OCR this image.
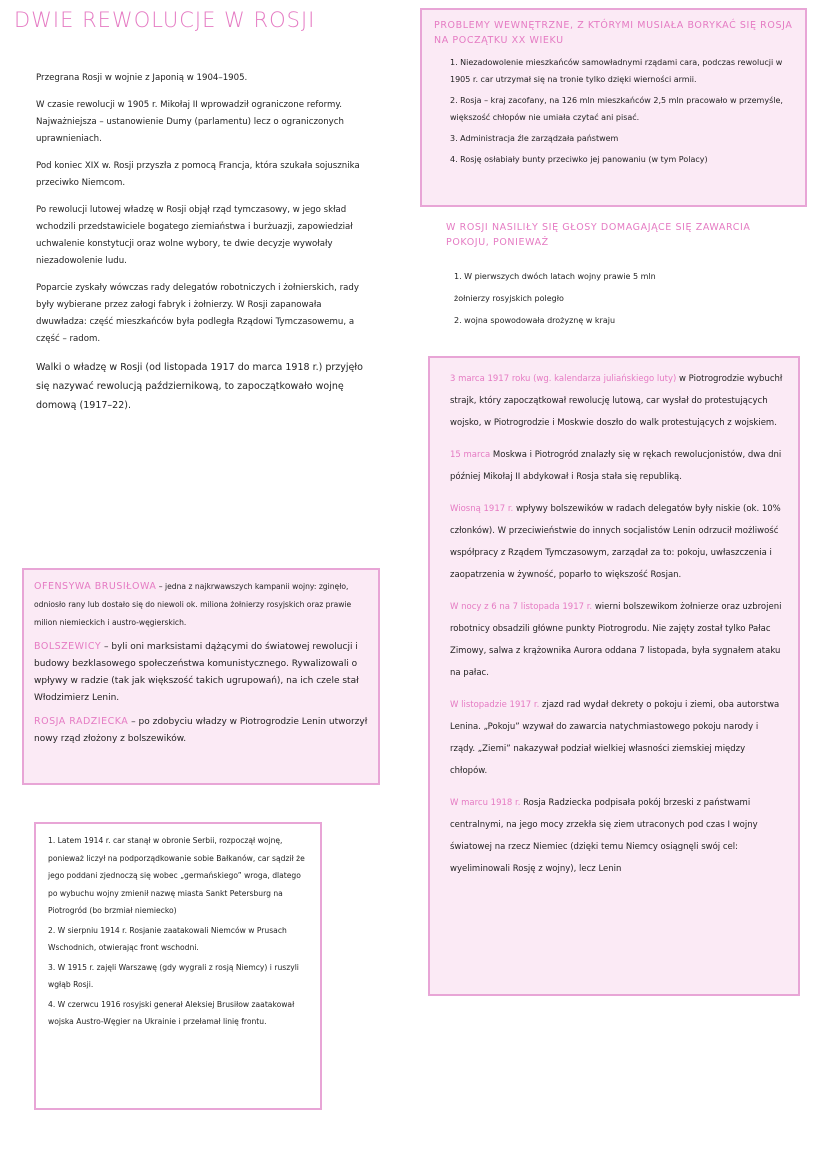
DWIE REWOLUCJE W ROSJI

Przegrana Rosji w wojnie z Japonią w 1904–1905.

W czasie rewolucji w 1905 r. Mikołaj II wprowadził ograniczone reformy. Najważniejsza – ustanowienie Dumy (parlamentu) lecz o ograniczonych uprawnieniach.

Pod koniec XIX w. Rosji przyszła z pomocą Francja, która szukała sojusznika przeciwko Niemcom.

Po rewolucji lutowej władzę w Rosji objął rząd tymczasowy, w jego skład wchodzili przedstawiciele bogatego ziemiaństwa i burżuazji, zapowiedział uchwalenie konstytucji oraz wolne wybory, te dwie decyzje wywołały niezadowolenie ludu.

Poparcie zyskały wówczas rady delegatów robotniczych i żołnierskich, rady były wybierane przez załogi fabryk i żołnierzy. W Rosji zapanowała dwuwładza: część mieszkańców była podległa Rządowi Tymczasowemu, a część – radom.

Walki o władzę w Rosji (od listopada 1917 do marca 1918 r.) przyjęło się nazywać rewolucją październikową, to zapoczątkowało wojnę domową (1917–22).

OFENSYWA BRUSIŁOWA – jedna z najkrwawszych kampanii wojny: zginęło, odniosło rany lub dostało się do niewoli ok. miliona żołnierzy rosyjskich oraz prawie milion niemieckich i austro-węgierskich.

BOLSZEWICY – byli oni marksistami dążącymi do światowej rewolucji i budowy bezklasowego społeczeństwa komunistycznego. Rywalizowali o wpływy w radzie (tak jak większość takich ugrupowań), na ich czele stał Włodzimierz Lenin.

ROSJA RADZIECKA – po zdobyciu władzy w Piotrogrodzie Lenin utworzył nowy rząd złożony z bolszewików.

1. Latem 1914 r. car stanął w obronie Serbii, rozpoczął wojnę, ponieważ liczył na podporządkowanie sobie Bałkanów, car sądził że jego poddani zjednoczą się wobec „germańskiego” wroga, dlatego po wybuchu wojny zmienił nazwę miasta Sankt Petersburg na Piotrogród (bo brzmiał niemiecko)

2. W sierpniu 1914 r. Rosjanie zaatakowali Niemców w Prusach Wschodnich, otwierając front wschodni.

3. W 1915 r. zajęli Warszawę (gdy wygrali z rosją Niemcy) i ruszyli wgłąb Rosji.

4. W czerwcu 1916 rosyjski generał Aleksiej Brusiłow zaatakował wojska Austro-Węgier na Ukrainie i przełamał linię frontu.

PROBLEMY WEWNĘTRZNE, Z KTÓRYMI MUSIAŁA BORYKAĆ SIĘ ROSJA NA POCZĄTKU XX WIEKU

1. Niezadowolenie mieszkańców samowładnymi rządami cara, podczas rewolucji w 1905 r. car utrzymał się na tronie tylko dzięki wierności armii.

2. Rosja – kraj zacofany, na 126 mln mieszkańców 2,5 mln pracowało w przemyśle, większość chłopów nie umiała czytać ani pisać.

3. Administracja źle zarządzała państwem

4. Rosję osłabiały bunty przeciwko jej panowaniu (w tym Polacy)

W ROSJI NASILIŁY SIĘ GŁOSY DOMAGAJĄCE SIĘ ZAWARCIA POKOJU, PONIEWAŻ

1. W pierwszych dwóch latach wojny prawie 5 mln żołnierzy rosyjskich poległo

2. wojna spowodowała drożyznę w kraju

3 marca 1917 roku (wg. kalendarza juliańskiego luty) w Piotrogrodzie wybuchł strajk, który zapoczątkował rewolucję lutową, car wysłał do protestujących wojsko, w Piotrogrodzie i Moskwie doszło do walk protestujących z wojskiem.

15 marca Moskwa i Piotrogród znalazły się w rękach rewolucjonistów, dwa dni później Mikołaj II abdykował i Rosja stała się republiką.

Wiosną 1917 r. wpływy bolszewików w radach delegatów były niskie (ok. 10% członków). W przeciwieństwie do innych socjalistów Lenin odrzucił możliwość współpracy z Rządem Tymczasowym, zarządał za to: pokoju, uwłaszczenia i zaopatrzenia w żywność, poparło to większość Rosjan.

W nocy z 6 na 7 listopada 1917 r. wierni bolszewikom żołnierze oraz uzbrojeni robotnicy obsadzili główne punkty Piotrogrodu. Nie zajęty został tylko Pałac Zimowy, salwa z krążownika Aurora oddana 7 listopada, była sygnałem ataku na pałac.

W listopadzie 1917 r. zjazd rad wydał dekrety o pokoju i ziemi, oba autorstwa Lenina. „Pokoju” wzywał do zawarcia natychmiastowego pokoju narody i rządy. „Ziemi” nakazywał podział wielkiej własności ziemskiej między chłopów.

W marcu 1918 r. Rosja Radziecka podpisała pokój brzeski z państwami centralnymi, na jego mocy zrzekła się ziem utraconych pod czas I wojny światowej na rzecz Niemiec (dzięki temu Niemcy osiągnęli swój cel: wyeliminowali Rosję z wojny), lecz Lenin
